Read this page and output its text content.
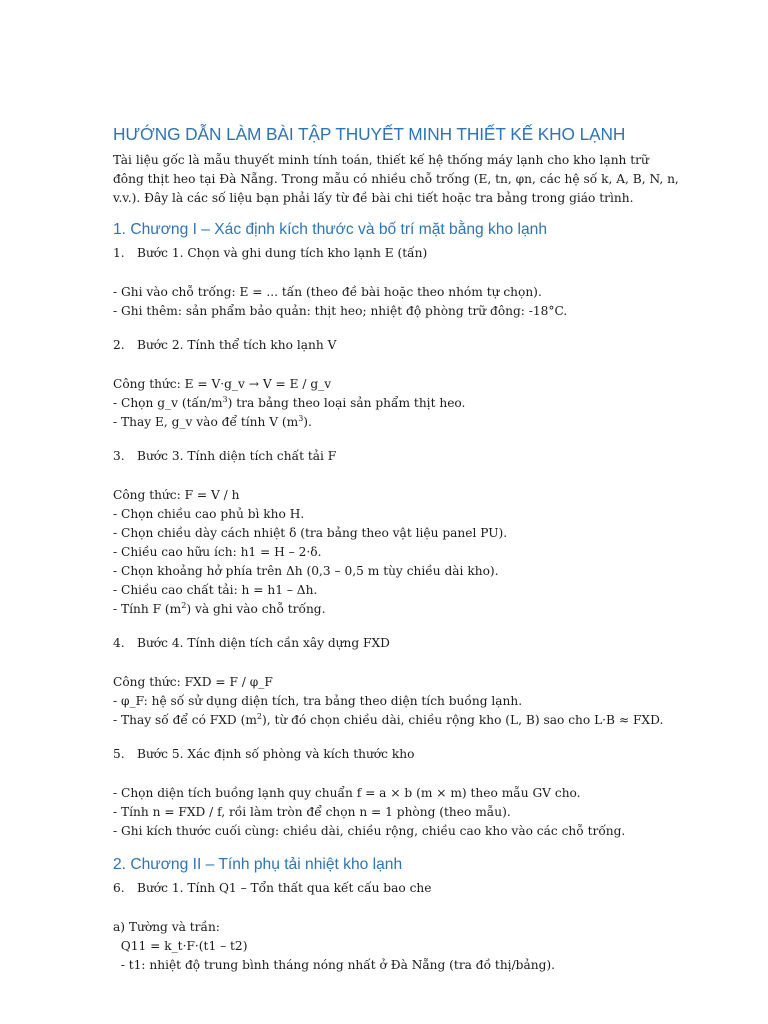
HƯỚNG DẪN LÀM BÀI TẬP THUYẾT MINH THIẾT KẾ KHO LẠNH

Tài liệu gốc là mẫu thuyết minh tính toán, thiết kế hệ thống máy lạnh cho kho lạnh trữ

đông thịt heo tại Đà Nẵng. Trong mẫu có nhiều chỗ trống (E, tn, φn, các hệ số k, A, B, N, n,

v.v.). Đây là các số liệu bạn phải lấy từ đề bài chi tiết hoặc tra bảng trong giáo trình.

1. Chương I – Xác định kích thước và bố trí mặt bằng kho lạnh

1.	Bước 1. Chọn và ghi dung tích kho lạnh E (tấn)

- Ghi vào chỗ trống: E = ... tấn (theo đề bài hoặc theo nhóm tự chọn).

- Ghi thêm: sản phẩm bảo quản: thịt heo; nhiệt độ phòng trữ đông: -18°C.

2.	Bước 2. Tính thể tích kho lạnh V

Công thức: E = V·g_v → V = E / g_v

- Chọn g_v $(tấn/m^3)$ tra bảng theo loại sản phẩm thịt heo.

- Thay E, g_v vào để tính V $(m^3)$.

3.	Bước 3. Tính diện tích chất tải F

Công thức: F = V / h

- Chọn chiều cao phủ bì kho H.

- Chọn chiều dày cách nhiệt δ (tra bảng theo vật liệu panel PU).

- Chiều cao hữu ích: h1 = H – 2·δ.

- Chọn khoảng hở phía trên Δh (0,3 – 0,5 m tùy chiều dài kho).

- Chiều cao chất tải: h = h1 – Δh.

- Tính F $(m^2)$ và ghi vào chỗ trống.

4.	Bước 4. Tính diện tích cần xây dựng FXD

Công thức: FXD = F / φ_F

- φ_F: hệ số sử dụng diện tích, tra bảng theo diện tích buồng lạnh.

- Thay số để có FXD $(m^2)$, từ đó chọn chiều dài, chiều rộng kho (L, B) sao cho L·B ≈ FXD.

5.	Bước 5. Xác định số phòng và kích thước kho

- Chọn diện tích buồng lạnh quy chuẩn f = a × b (m × m) theo mẫu GV cho.

- Tính n = FXD / f, rồi làm tròn để chọn n = 1 phòng (theo mẫu).

- Ghi kích thước cuối cùng: chiều dài, chiều rộng, chiều cao kho vào các chỗ trống.

2. Chương II – Tính phụ tải nhiệt kho lạnh

6.	Bước 1. Tính Q1 – Tổn thất qua kết cấu bao che

a) Tường và trần:

Q11 = k_t·F·(t1 – t2)

- t1: nhiệt độ trung bình tháng nóng nhất ở Đà Nẵng (tra đồ thị/bảng).
